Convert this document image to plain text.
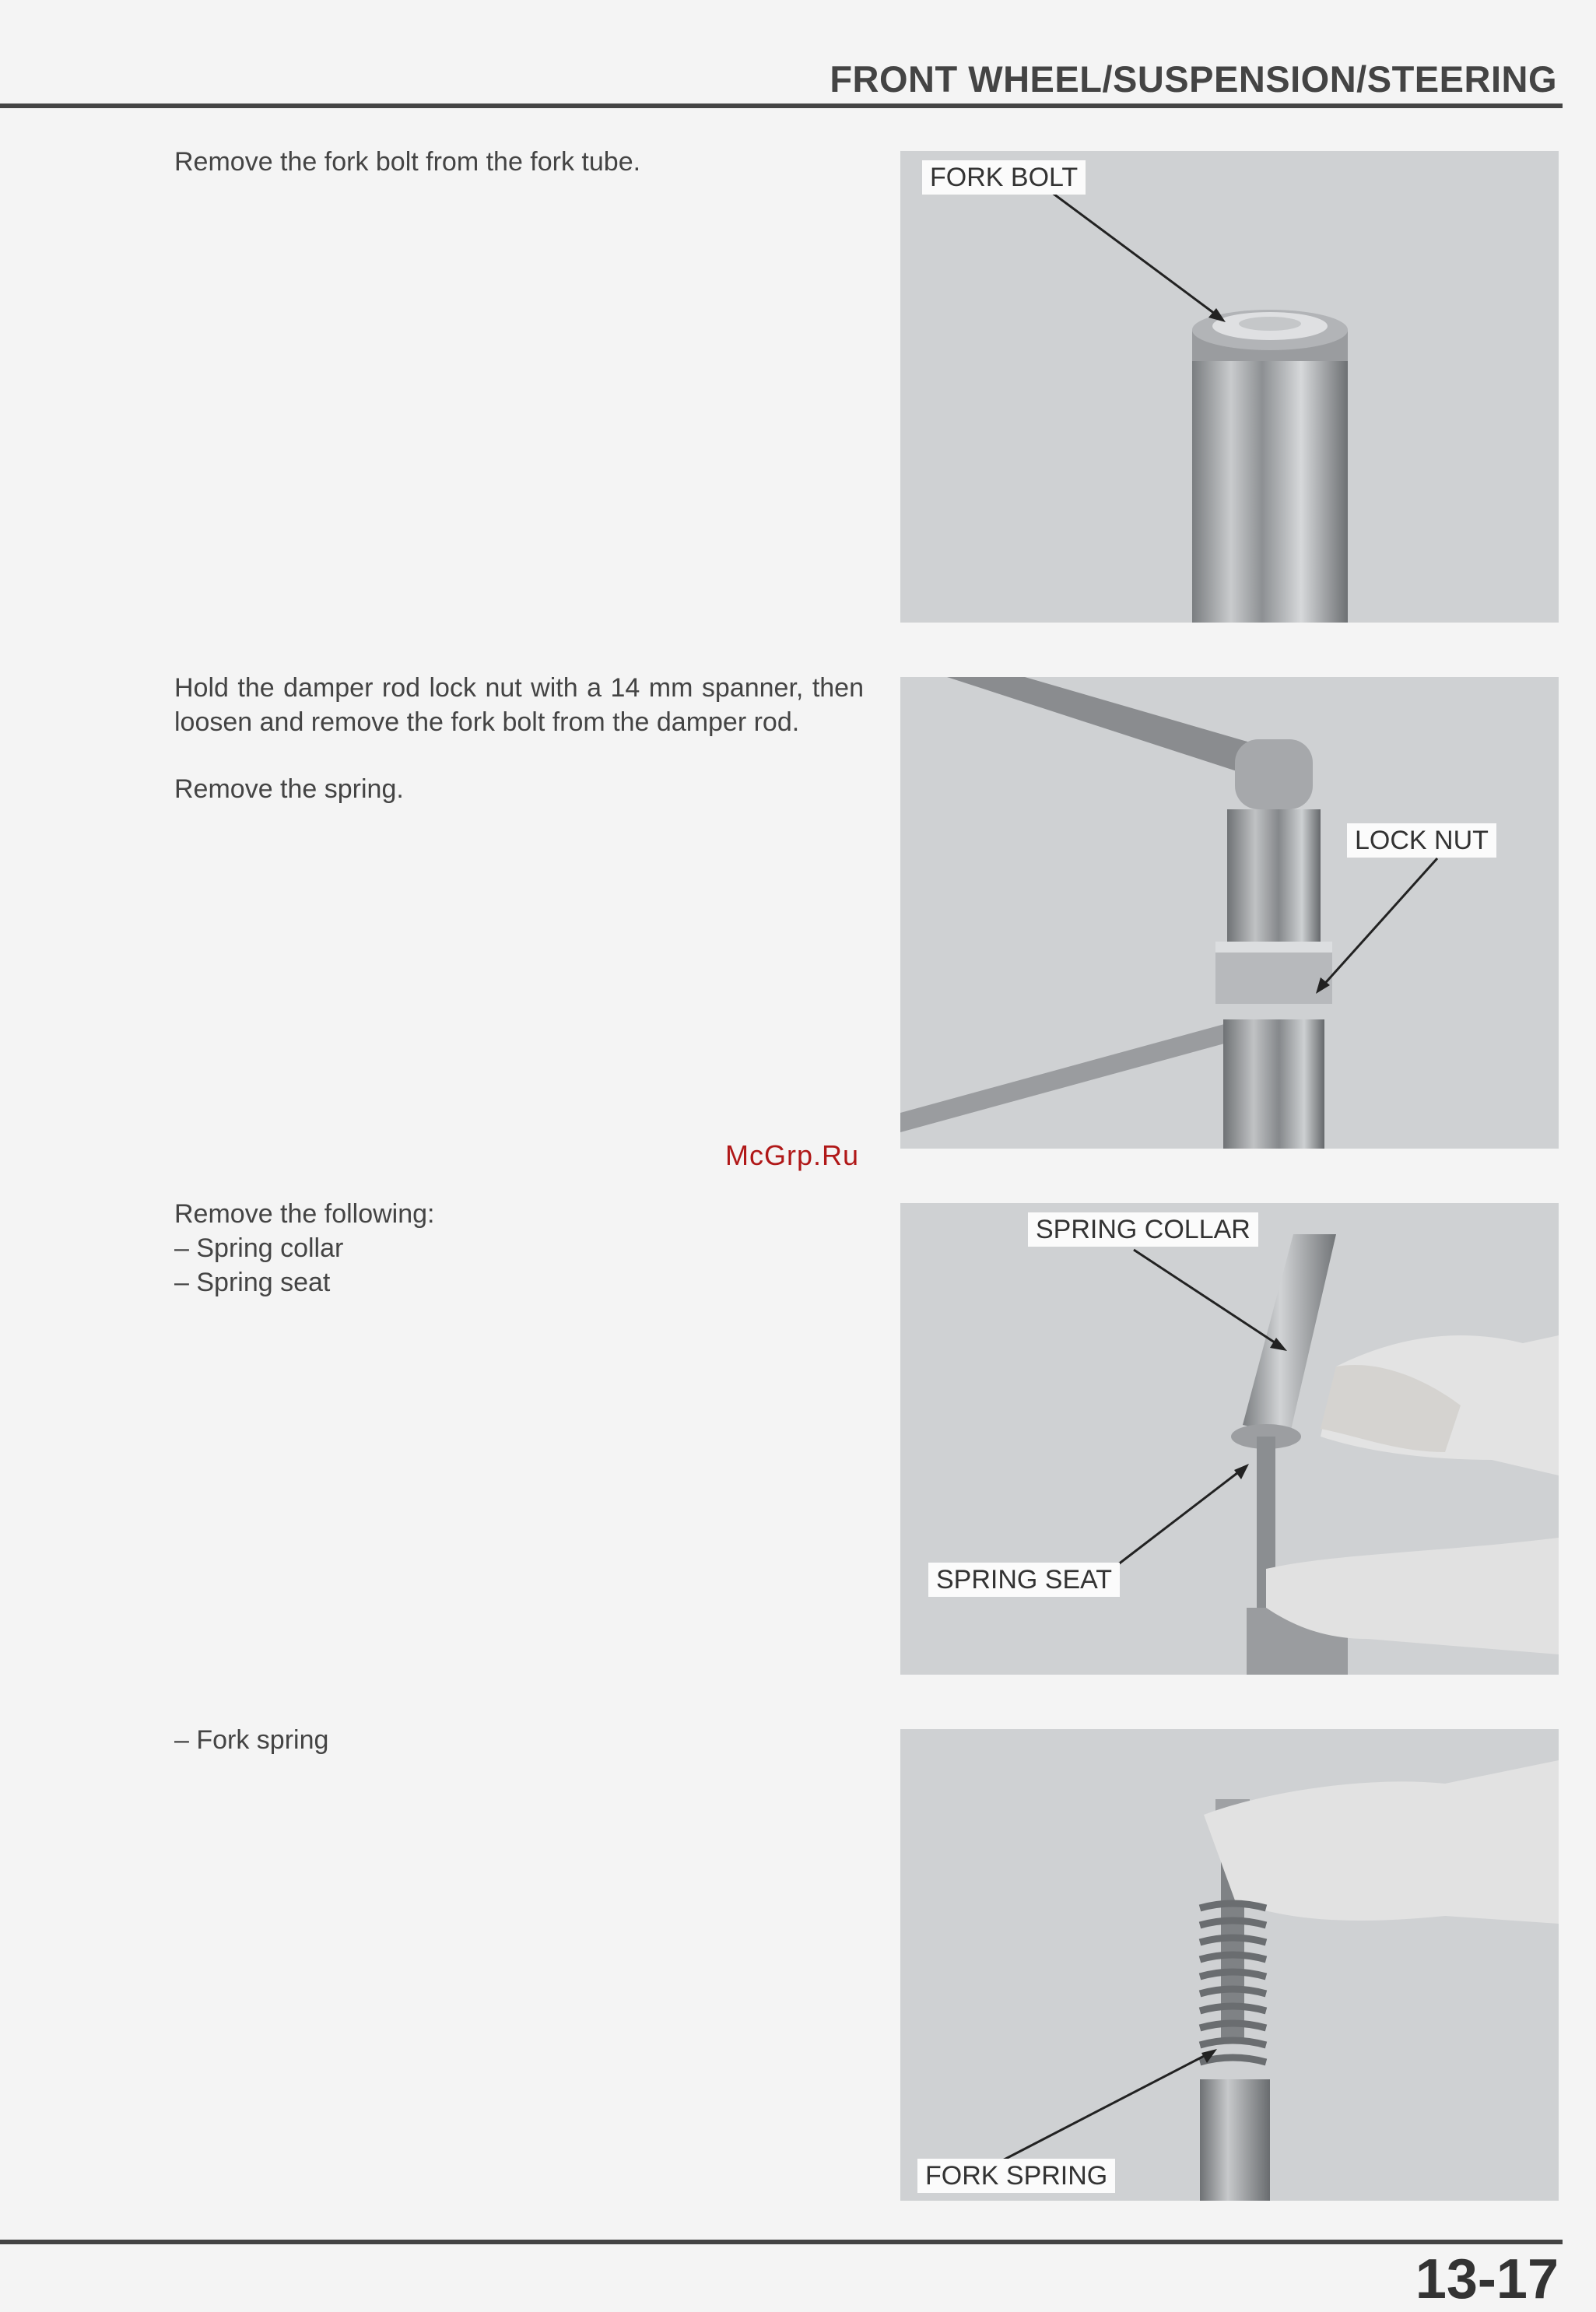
FRONT WHEEL/SUSPENSION/STEERING

Remove the fork bolt from the fork tube.

Hold the damper rod lock nut with a 14 mm spanner, then loosen and remove the fork bolt from the damper rod.

Remove the spring.

Remove the following:
– Spring collar
– Spring seat
– Fork spring
McGrp.Ru
FORK BOLT
LOCK NUT
SPRING COLLAR
SPRING SEAT
FORK SPRING
13-17
